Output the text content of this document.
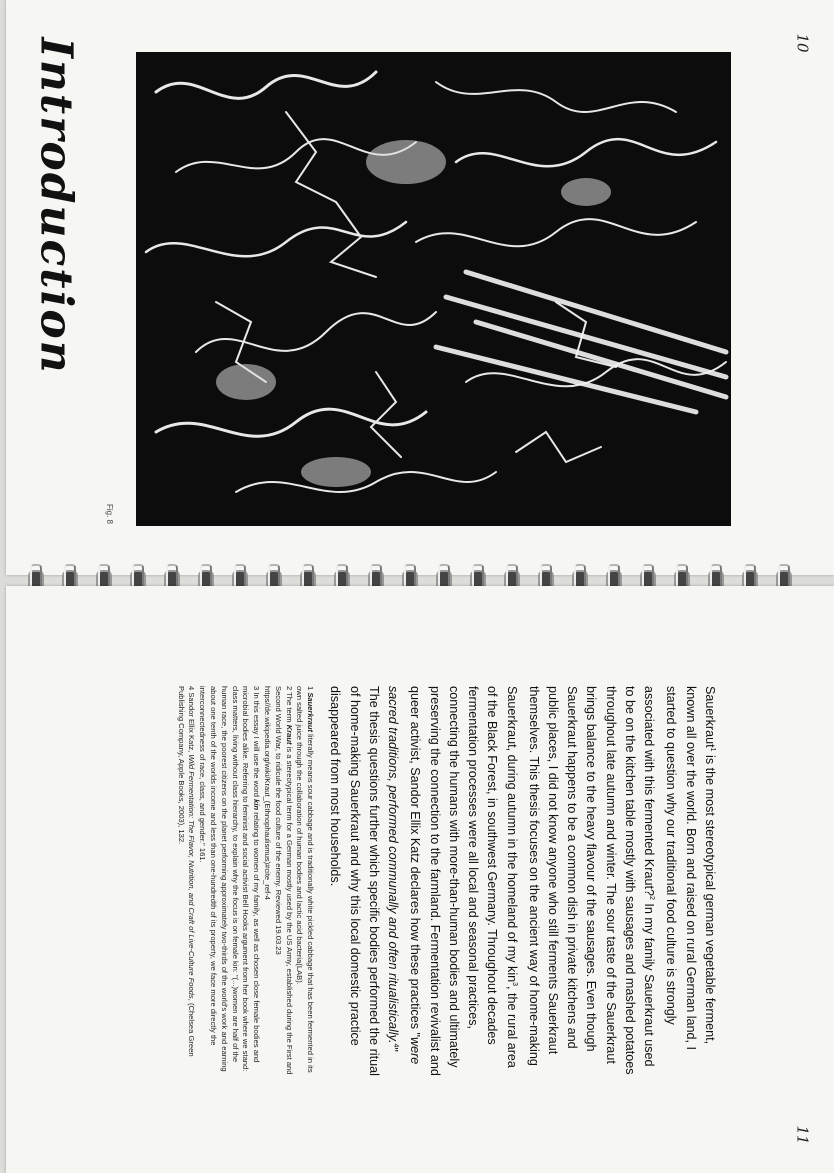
10
Introduction
Fig. 8
11

Sauerkraut$^1$ is the most stereotypical german vegetable ferment, known all over the world. Born and raised on rural German land, I started to question why our traditional food culture is strongly associated with this fermented Kraut?$^2$ In my family Sauerkraut used to be on the kitchen table mostly with sausages and mashed potatoes throughout late autumn and winter. The sour taste of the Sauerkraut brings balance to the heavy flavour of the sausages. Even though Sauerkraut happens to be a common dish in private kitchens and public places, I did not know anyone who still ferments Sauerkraut themselves. This thesis focuses on the ancient way of home-making Sauerkraut, during autumn in the homeland of my kin$^3$, the rural area of the Black Forest, in southwest Germany. Throughout decades fermentation processes were all local and seasonal practices, connecting the humans with more-than-human bodies and ultimately preserving the connection to the farmland. Fermentation revivalist and queer activist, Sandor Ellix Katz declares how these practices "were sacred traditions, performed communally and often ritualistically.$^4$" The thesis questions further which specific bodies performed the ritual of home-making Sauerkraut and why this local domestic practice disappeared from most households.

1 Sauerkraut literally means sour cabbage and is traditionally white pickled cabbage that has been fermented in its own salted juice through the collaboration of human bodies and lactic acid bacteria(LAB).

2 The term Kraut is a stereotypical term for a German mostly used by the US Army, established during the First and Second World War, to ridicule the food culture of the enemy. Reviewed 19.03.23 https//de.wikipedia.org/wiki/Kraut_(Ethnophaulismus)#cite_ref-4

3 In this essay I will use the word kin relating to women of my family, as well as chosen close female bodies and microbial bodies alike. Referring to feminist and social activist Bell Hooks argument from her book where we stand: class matters, living without class hierarchy, to explain why the focus is on female kin: "(...)women are half of the human race, the poorest citizens on the planet performing approximately two-thirds of the world's work and earning about one tenth of the worlds income and less than one-hundredth of its property, we face more directly the interconnectedness of race, class, and gender." 161.

4 Sandor Ellix Katz, Wild Fermentation: The Flavor, Nutrition, and Craft of Live-Culture Foods, (Chelsea Green Publishing Company, Apple Books, 2003), 132.
